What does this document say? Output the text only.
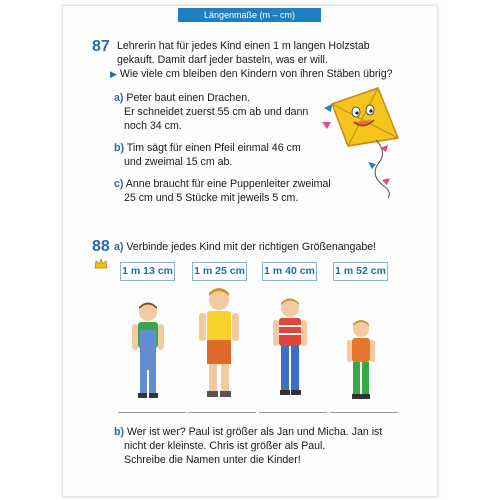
Längenmaße (m – cm)
87 Lehrerin hat für jedes Kind einen 1 m langen Holzstab
gekauft. Damit darf jeder basteln, was er will.
▶ Wie viele cm bleiben den Kindern von ihren Stäben übrig?
a) Peter baut einen Drachen.
Er schneidet zuerst 55 cm ab und dann
noch 34 cm.
b) Tim sägt für einen Pfeil einmal 46 cm
und zweimal 15 cm ab.
c) Anne braucht für eine Puppenleiter zweimal
25 cm und 5 Stücke mit jeweils 5 cm.
88 a) Verbinde jedes Kind mit der richtigen Größenangabe!
1 m 13 cm 1 m 25 cm 1 m 40 cm 1 m 52 cm
b) Wer ist wer? Paul ist größer als Jan und Micha. Jan ist
nicht der kleinste. Chris ist größer als Paul.
Schreibe die Namen unter die Kinder!
